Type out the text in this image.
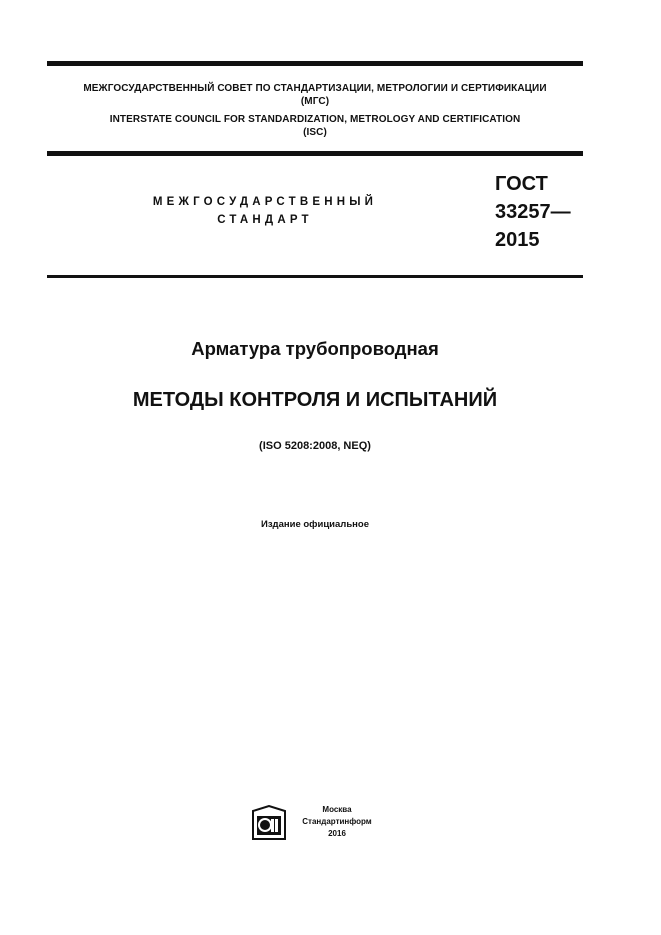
МЕЖГОСУДАРСТВЕННЫЙ СОВЕТ ПО СТАНДАРТИЗАЦИИ, МЕТРОЛОГИИ И СЕРТИФИКАЦИИ
(МГС)
INTERSTATE COUNCIL FOR STANDARDIZATION, METROLOGY AND CERTIFICATION
(ISC)
МЕЖГОСУДАРСТВЕННЫЙ
СТАНДАРТ
ГОСТ
33257—
2015
Арматура трубопроводная
МЕТОДЫ КОНТРОЛЯ И ИСПЫТАНИЙ
(ISO 5208:2008, NEQ)
Издание официальное
Москва
Стандартинформ
2016
